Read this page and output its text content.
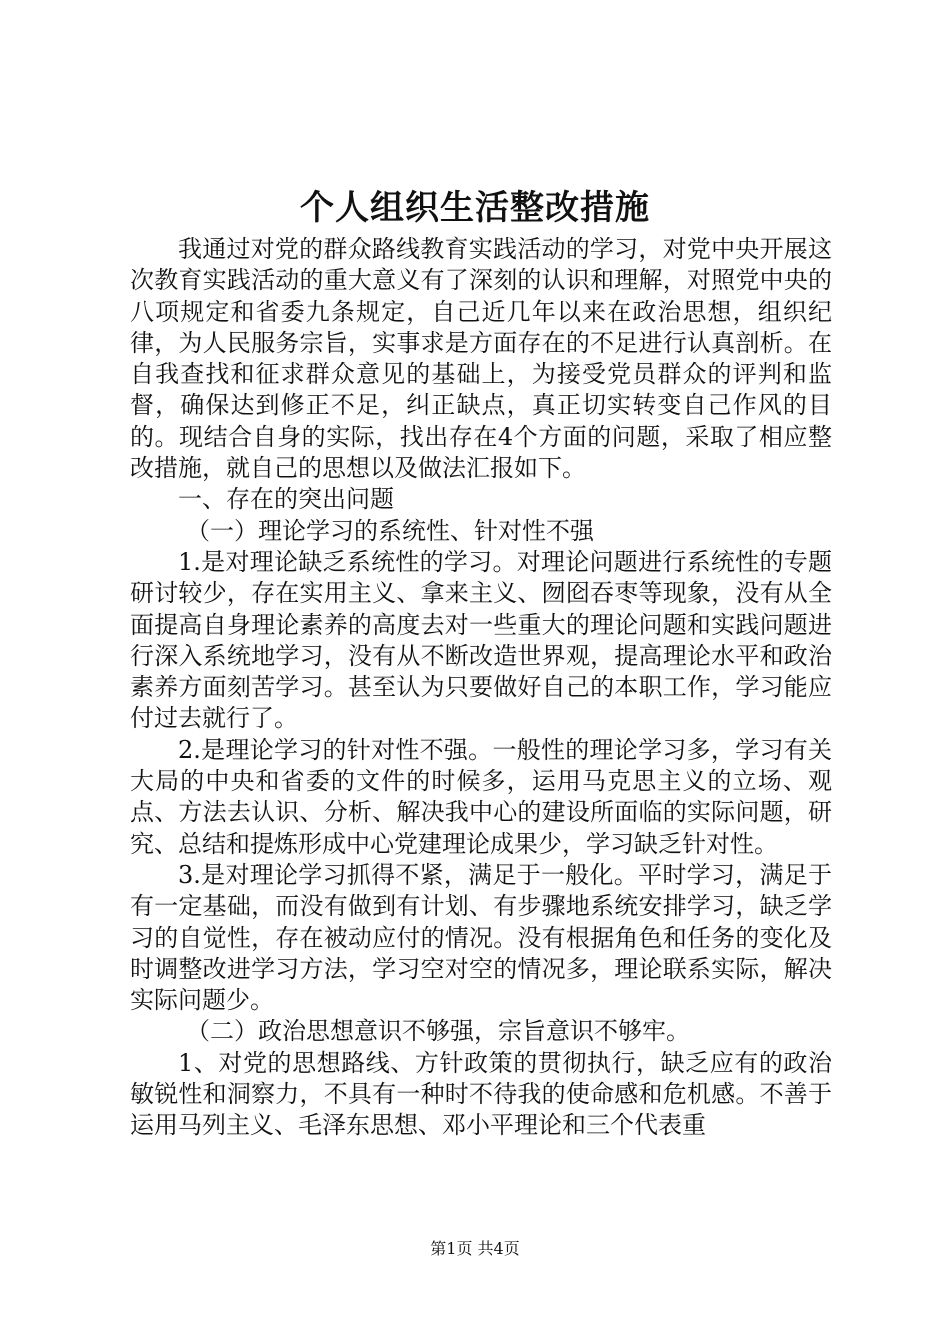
个人组织生活整改措施

我通过对党的群众路线教育实践活动的学习，对党中央开展这次教育实践活动的重大意义有了深刻的认识和理解，对照党中央的八项规定和省委九条规定，自己近几年以来在政治思想，组织纪律，为人民服务宗旨，实事求是方面存在的不足进行认真剖析。在自我查找和征求群众意见的基础上，为接受党员群众的评判和监督，确保达到修正不足，纠正缺点，真正切实转变自己作风的目的。现结合自身的实际，找出存在4个方面的问题，采取了相应整改措施，就自己的思想以及做法汇报如下。

一、存在的突出问题

（一）理论学习的系统性、针对性不强

1.是对理论缺乏系统性的学习。对理论问题进行系统性的专题研讨较少，存在实用主义、拿来主义、囫囵吞枣等现象，没有从全面提高自身理论素养的高度去对一些重大的理论问题和实践问题进行深入系统地学习，没有从不断改造世界观，提高理论水平和政治素养方面刻苦学习。甚至认为只要做好自己的本职工作，学习能应付过去就行了。

2.是理论学习的针对性不强。一般性的理论学习多，学习有关大局的中央和省委的文件的时候多，运用马克思主义的立场、观点、方法去认识、分析、解决我中心的建设所面临的实际问题，研究、总结和提炼形成中心党建理论成果少，学习缺乏针对性。

3.是对理论学习抓得不紧，满足于一般化。平时学习，满足于有一定基础，而没有做到有计划、有步骤地系统安排学习，缺乏学习的自觉性，存在被动应付的情况。没有根据角色和任务的变化及时调整改进学习方法，学习空对空的情况多，理论联系实际，解决实际问题少。

（二）政治思想意识不够强，宗旨意识不够牢。

1、对党的思想路线、方针政策的贯彻执行，缺乏应有的政治敏锐性和洞察力，不具有一种时不待我的使命感和危机感。不善于运用马列主义、毛泽东思想、邓小平理论和三个代表重

第1页 共4页
